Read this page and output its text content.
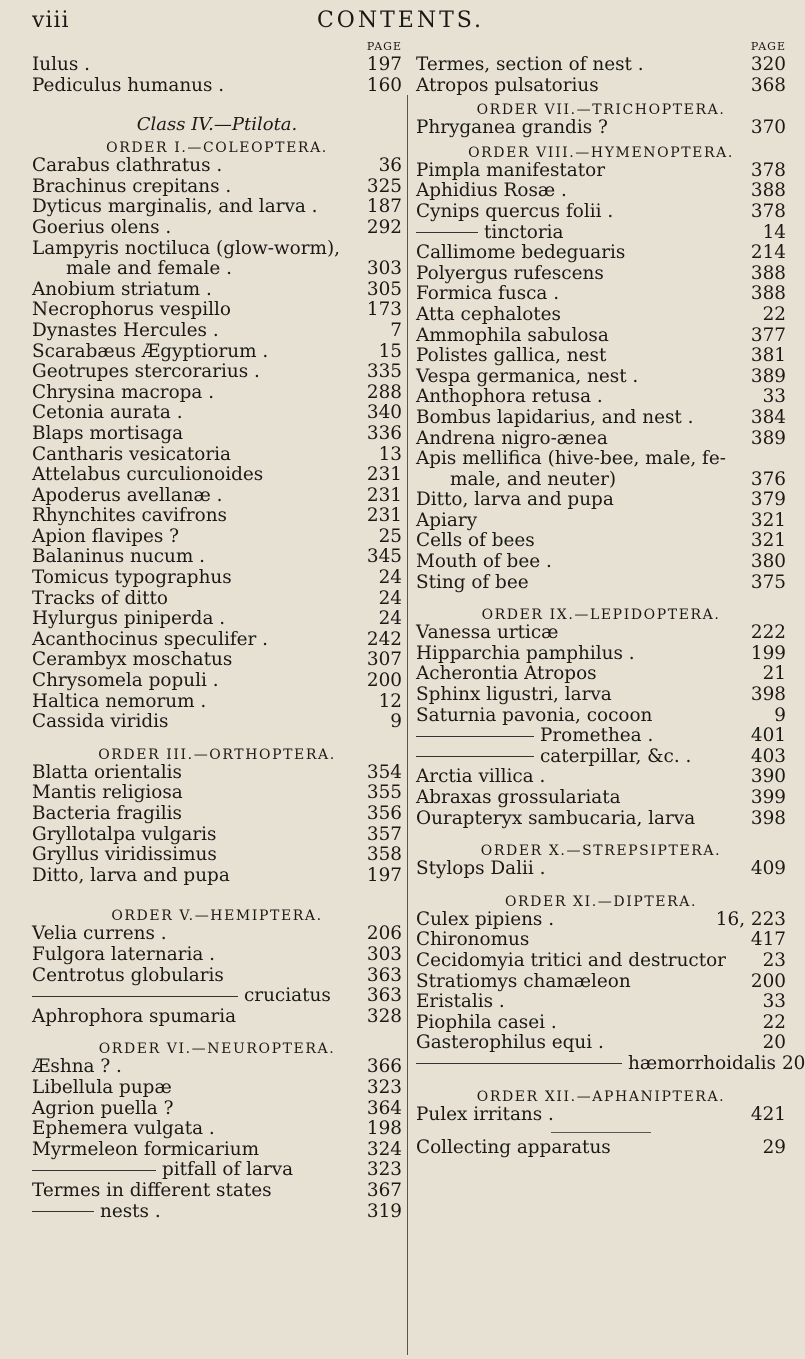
viii	CONTENTS.
PAGE
Iulus .	197
Pediculus humanus .	160
Class IV.—Ptilota.
ORDER I.—COLEOPTERA.
Carabus clathratus .	36
Brachinus crepitans .	325
Dyticus marginalis, and larva .	187
Goerius olens .	292
Lampyris noctiluca (glow-worm),
male and female .	303
Anobium striatum .	305
Necrophorus vespillo	173
Dynastes Hercules .	7
Scarabæus Ægyptiorum .	15
Geotrupes stercorarius .	335
Chrysina macropa .	288
Cetonia aurata .	340
Blaps mortisaga	336
Cantharis vesicatoria	13
Attelabus curculionoides	231
Apoderus avellanæ .	231
Rhynchites cavifrons	231
Apion flavipes ?	25
Balaninus nucum .	345
Tomicus typographus	24
Tracks of ditto	24
Hylurgus piniperda .	24
Acanthocinus speculifer .	242
Cerambyx moschatus	307
Chrysomela populi .	200
Haltica nemorum .	12
Cassida viridis	9
ORDER III.—ORTHOPTERA.
Blatta orientalis	354
Mantis religiosa	355
Bacteria fragilis	356
Gryllotalpa vulgaris	357
Gryllus viridissimus	358
Ditto, larva and pupa	197
ORDER V.—HEMIPTERA.
Velia currens .	206
Fulgora laternaria .	303
Centrotus globularis	363
cruciatus	363
Aphrophora spumaria	328
ORDER VI.—NEUROPTERA.
Æshna ? .	366
Libellula pupæ	323
Agrion puella ?	364
Ephemera vulgata .	198
Myrmeleon formicarium	324
pitfall of larva	323
Termes in different states	367
nests .	319
PAGE
Termes, section of nest .	320
Atropos pulsatorius	368
ORDER VII.—TRICHOPTERA.
Phryganea grandis ?	370
ORDER VIII.—HYMENOPTERA.
Pimpla manifestator	378
Aphidius Rosæ .	388
Cynips quercus folii .	378
tinctoria	14
Callimome bedeguaris	214
Polyergus rufescens	388
Formica fusca .	388
Atta cephalotes	22
Ammophila sabulosa	377
Polistes gallica, nest	381
Vespa germanica, nest .	389
Anthophora retusa .	33
Bombus lapidarius, and nest .	384
Andrena nigro-ænea	389
Apis mellifica (hive-bee, male, fe-
male, and neuter)	376
Ditto, larva and pupa	379
Apiary	321
Cells of bees	321
Mouth of bee .	380
Sting of bee	375
ORDER IX.—LEPIDOPTERA.
Vanessa urticæ	222
Hipparchia pamphilus .	199
Acherontia Atropos	21
Sphinx ligustri, larva	398
Saturnia pavonia, cocoon	9
Promethea .	401
caterpillar, &c. .	403
Arctia villica .	390
Abraxas grossulariata	399
Ourapteryx sambucaria, larva	398
ORDER X.—STREPSIPTERA.
Stylops Dalii .	409
ORDER XI.—DIPTERA.
Culex pipiens .	16, 223
Chironomus	417
Cecidomyia tritici and destructor	23
Stratiomys chamæleon	200
Eristalis .	33
Piophila casei .	22
Gasterophilus equi .	20
hæmorrhoidalis 20
ORDER XII.—APHANIPTERA.
Pulex irritans .	421
Collecting apparatus	29
